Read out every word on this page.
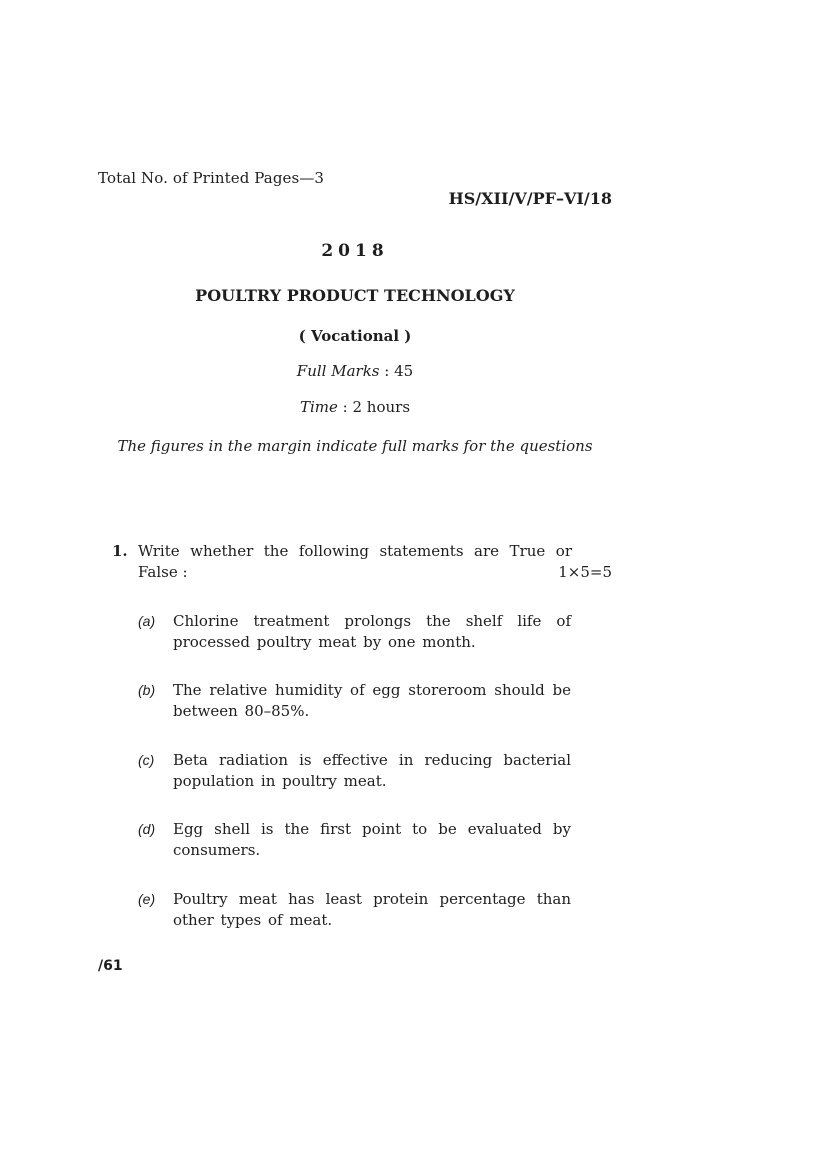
Total No. of Printed Pages—3
HS/XII/V/PF–VI/18
2018
POULTRY PRODUCT TECHNOLOGY
( Vocational )
Full Marks : 45
Time : 2 hours
The figures in the margin indicate full marks for the questions
1. Write whether the following statements are True or
False :	1×5=5
(a) Chlorine treatment prolongs the shelf life of
processed poultry meat by one month.
(b) The relative humidity of egg storeroom should be
between 80–85%.
(c) Beta radiation is effective in reducing bacterial
population in poultry meat.
(d) Egg shell is the first point to be evaluated by
consumers.
(e) Poultry meat has least protein percentage than
other types of meat.
/61
